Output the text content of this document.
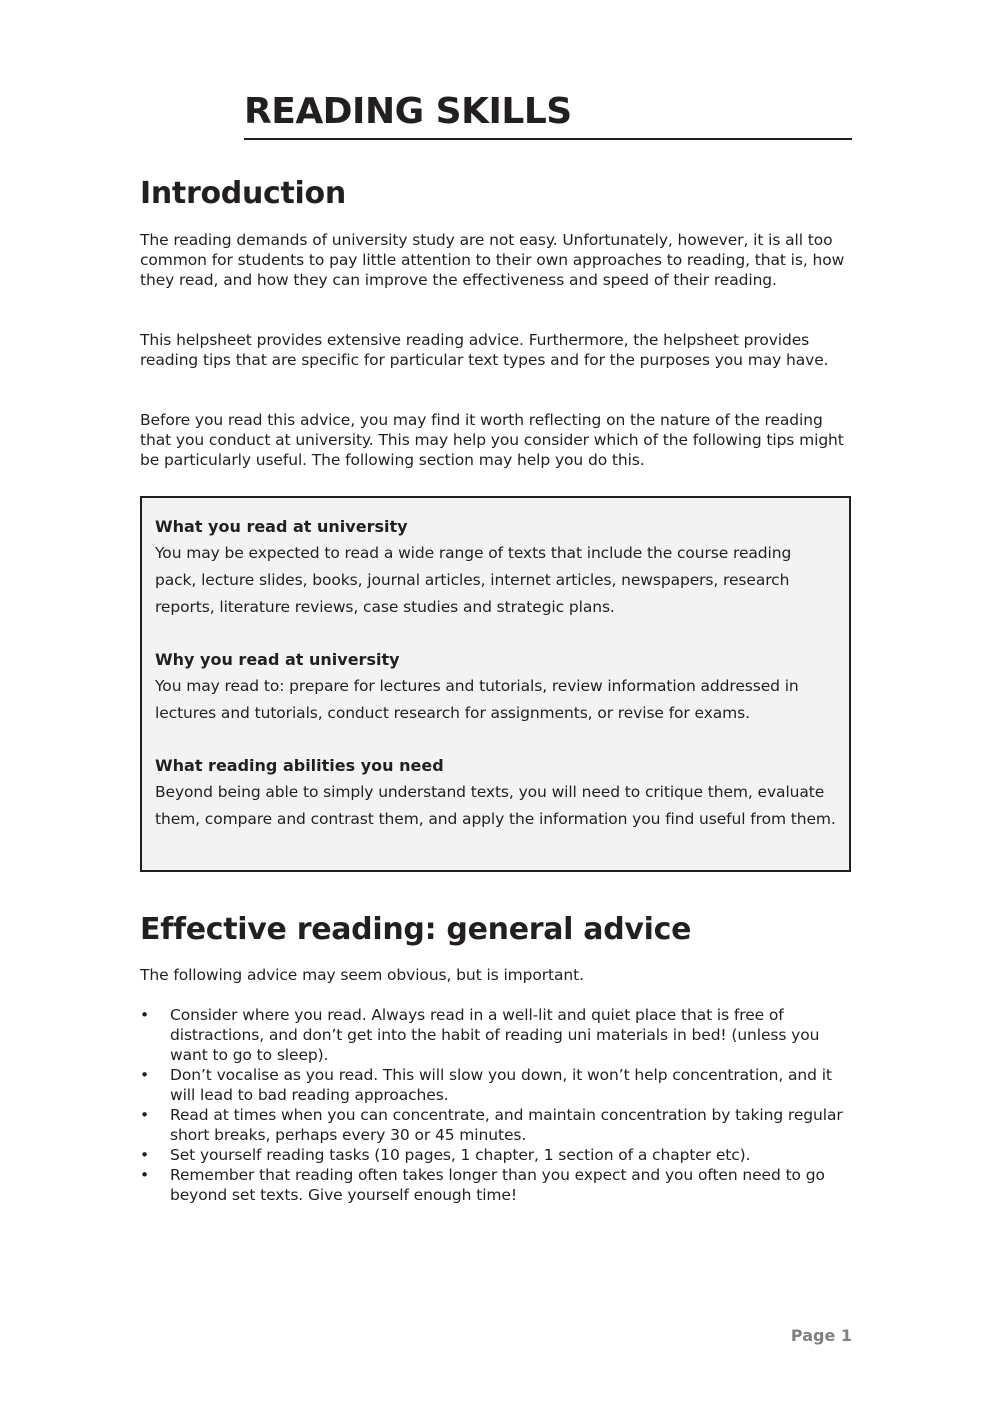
READING SKILLS
Introduction

The reading demands of university study are not easy. Unfortunately, however, it is all too common for students to pay little attention to their own approaches to reading, that is, how they read, and how they can improve the effectiveness and speed of their reading.

This helpsheet provides extensive reading advice. Furthermore, the helpsheet provides reading tips that are specific for particular text types and for the purposes you may have.

Before you read this advice, you may find it worth reflecting on the nature of the reading that you conduct at university. This may help you consider which of the following tips might be particularly useful. The following section may help you do this.

What you read at university

You may be expected to read a wide range of texts that include the course reading pack, lecture slides, books, journal articles, internet articles, newspapers, research reports, literature reviews, case studies and strategic plans.

Why you read at university

You may read to: prepare for lectures and tutorials, review information addressed in lectures and tutorials, conduct research for assignments, or revise for exams.

What reading abilities you need

Beyond being able to simply understand texts, you will need to critique them, evaluate them, compare and contrast them, and apply the information you find useful from them.

Effective reading: general advice

The following advice may seem obvious, but is important.

• Consider where you read. Always read in a well-lit and quiet place that is free of distractions, and don’t get into the habit of reading uni materials in bed! (unless you want to go to sleep).
• Don’t vocalise as you read. This will slow you down, it won’t help concentration, and it will lead to bad reading approaches.
• Read at times when you can concentrate, and maintain concentration by taking regular short breaks, perhaps every 30 or 45 minutes.
• Set yourself reading tasks (10 pages, 1 chapter, 1 section of a chapter etc).
• Remember that reading often takes longer than you expect and you often need to go beyond set texts. Give yourself enough time!
Page 1
